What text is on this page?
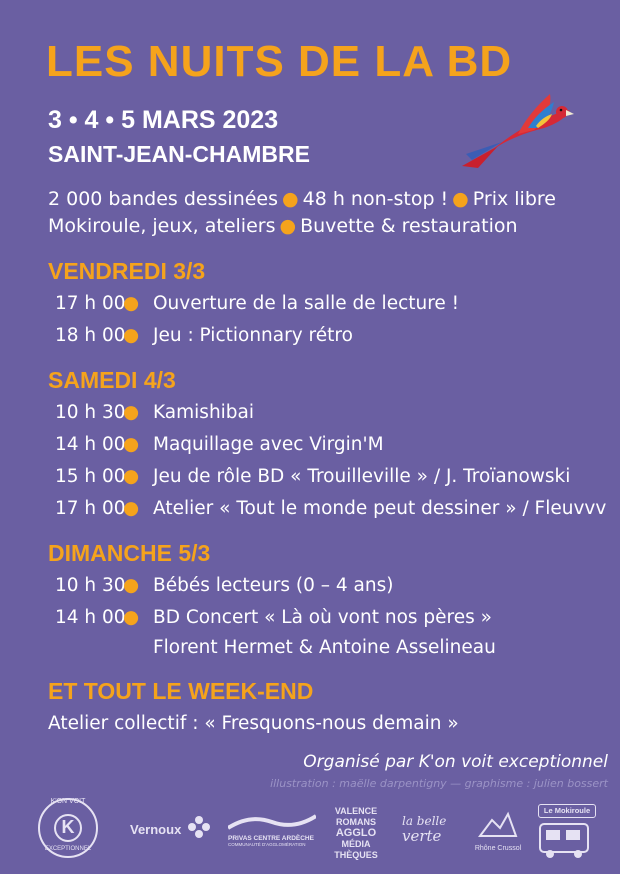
LES NUITS DE LA BD
3 • 4 • 5 MARS 2023
SAINT-JEAN-CHAMBRE
2 000 bandes dessinées ● 48 h non-stop ! ● Prix libre
Mokiroule, jeux, ateliers ● Buvette & restauration
VENDREDI 3/3
17 h 00● Ouverture de la salle de lecture !
18 h 00● Jeu : Pictionnary rétro
SAMEDI 4/3
10 h 30● Kamishibai
14 h 00● Maquillage avec Virgin'M
15 h 00● Jeu de rôle BD « Trouilleville » / J. Troïanowski
17 h 00● Atelier « Tout le monde peut dessiner » / Fleuvvv
DIMANCHE 5/3
10 h 30● Bébés lecteurs (0 – 4 ans)
14 h 00● BD Concert « Là où vont nos pères »
Florent Hermet & Antoine Asselineau
ET TOUT LE WEEK-END
Atelier collectif : « Fresquons-nous demain »
Organisé par K'on voit exceptionnel
illustration : maëlle darpentigny — graphisme : julien bossert
K'ON VOIT
K
EXCEPTIONNEL
Vernoux
PRIVAS CENTRE ARDÈCHE
COMMUNAUTÉ D'AGGLOMÉRATION
VALENCE
ROMANS
AGGLO
MÉDIA
THÈQUES
la belle
verte
Rhône Crussol
Le Mokiroule
